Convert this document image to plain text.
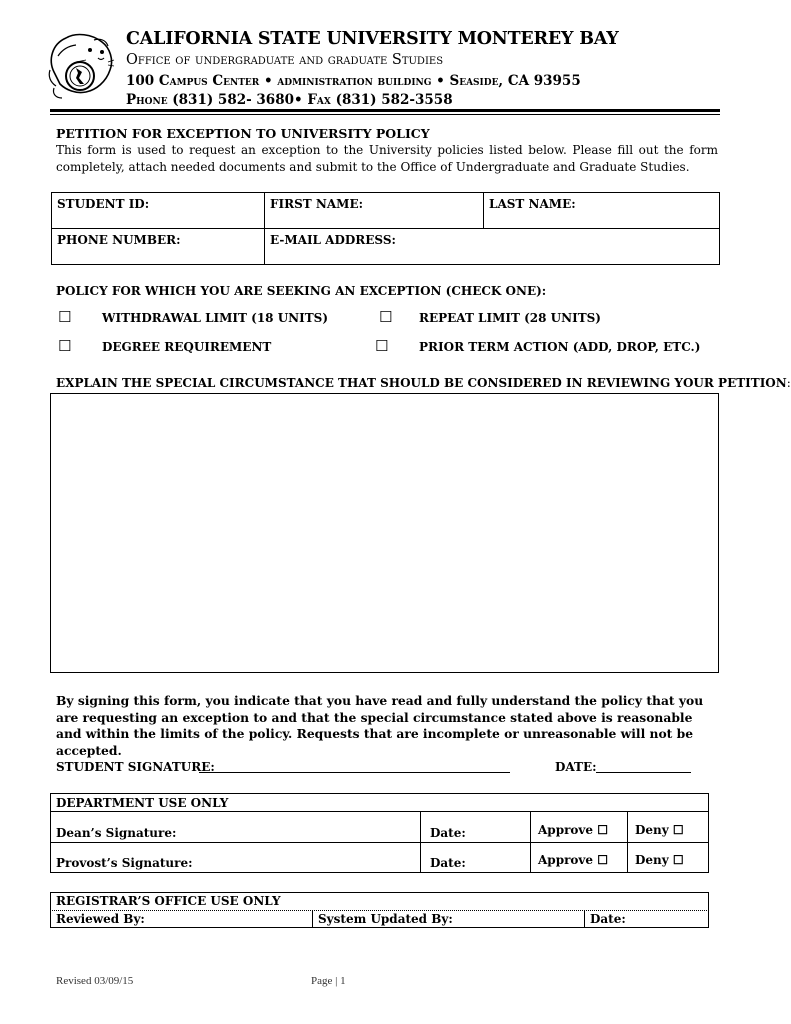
CALIFORNIA STATE UNIVERSITY MONTEREY BAY
Office of undergraduate and graduate Studies
100 Campus Center • administration building • Seaside, CA 93955
Phone (831) 582- 3680• Fax (831) 582-3558
PETITION FOR EXCEPTION TO UNIVERSITY POLICY
This form is used to request an exception to the University policies listed below. Please fill out the form completely, attach needed documents and submit to the Office of Undergraduate and Graduate Studies.
STUDENT ID:	FIRST NAME:	LAST NAME:
PHONE NUMBER:	E-MAIL ADDRESS:
POLICY FOR WHICH YOU ARE SEEKING AN EXCEPTION (CHECK ONE):
☐	WITHDRAWAL LIMIT (18 UNITS)	☐ REPEAT LIMIT (28 UNITS)
☐	DEGREE REQUIREMENT	☐	PRIOR TERM ACTION (ADD, DROP, ETC.)
EXPLAIN THE SPECIAL CIRCUMSTANCE THAT SHOULD BE CONSIDERED IN REVIEWING YOUR PETITION:
By signing this form, you indicate that you have read and fully understand the policy that you are requesting an exception to and that the special circumstance stated above is reasonable and within the limits of the policy. Requests that are incomplete or unreasonable will not be accepted.
STUDENT SIGNATURE:	DATE:
DEPARTMENT USE ONLY
Dean’s Signature:	Date:	Approve ☐ Deny ☐
Provost’s Signature:	Date:	Approve ☐ Deny ☐
REGISTRAR’S OFFICE USE ONLY
Reviewed By:	System Updated By:	Date:
Revised 03/09/15	Page | 1
